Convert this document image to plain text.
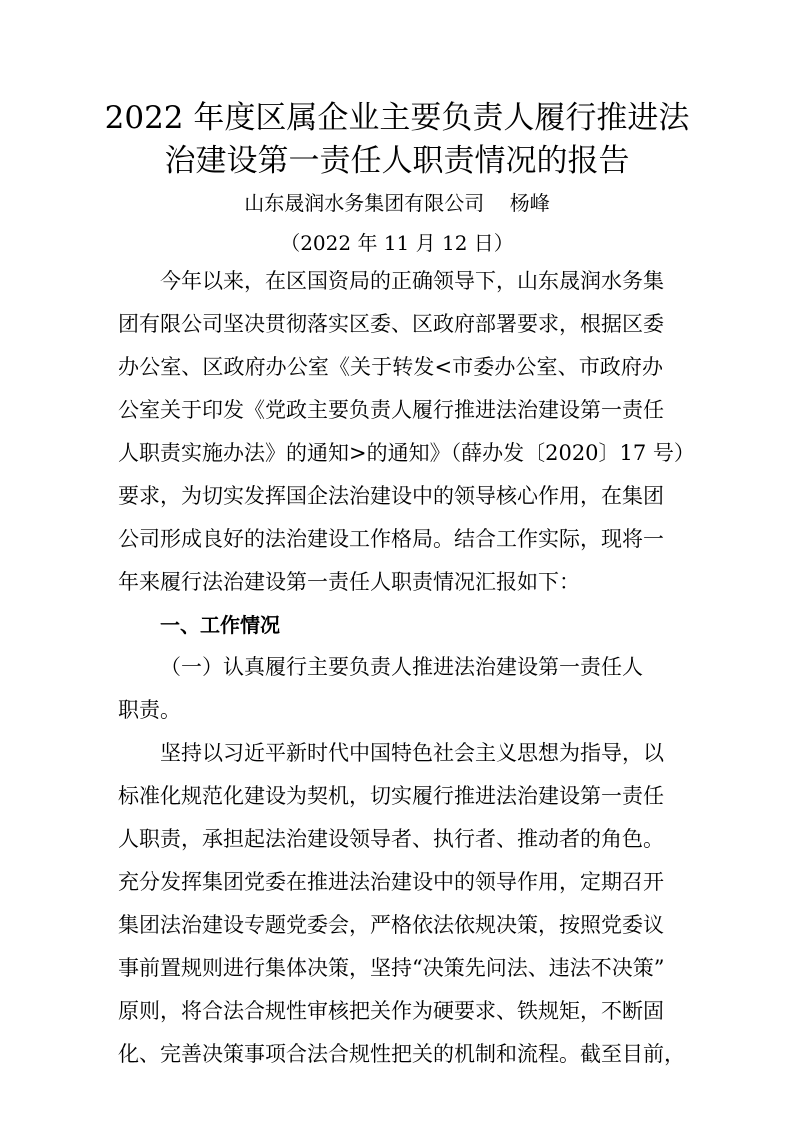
2022 年度区属企业主要负责人履行推进法
治建设第一责任人职责情况的报告
山东晟润水务集团有限公司    杨峰
（2022 年 11 月 12 日）
今年以来，在区国资局的正确领导下，山东晟润水务集
团有限公司坚决贯彻落实区委、区政府部署要求，根据区委
办公室、区政府办公室《关于转发<市委办公室、市政府办
公室关于印发《党政主要负责人履行推进法治建设第一责任
人职责实施办法》的通知>的通知》（薛办发〔2020〕17 号）
要求，为切实发挥国企法治建设中的领导核心作用，在集团
公司形成良好的法治建设工作格局。结合工作实际，现将一
年来履行法治建设第一责任人职责情况汇报如下：
一、工作情况
（一）认真履行主要负责人推进法治建设第一责任人
职责。
坚持以习近平新时代中国特色社会主义思想为指导，以
标准化规范化建设为契机，切实履行推进法治建设第一责任
人职责，承担起法治建设领导者、执行者、推动者的角色。
充分发挥集团党委在推进法治建设中的领导作用，定期召开
集团法治建设专题党委会，严格依法依规决策，按照党委议
事前置规则进行集体决策，坚持“决策先问法、违法不决策”
原则，将合法合规性审核把关作为硬要求、铁规矩，不断固
化、完善决策事项合法合规性把关的机制和流程。截至目前，
